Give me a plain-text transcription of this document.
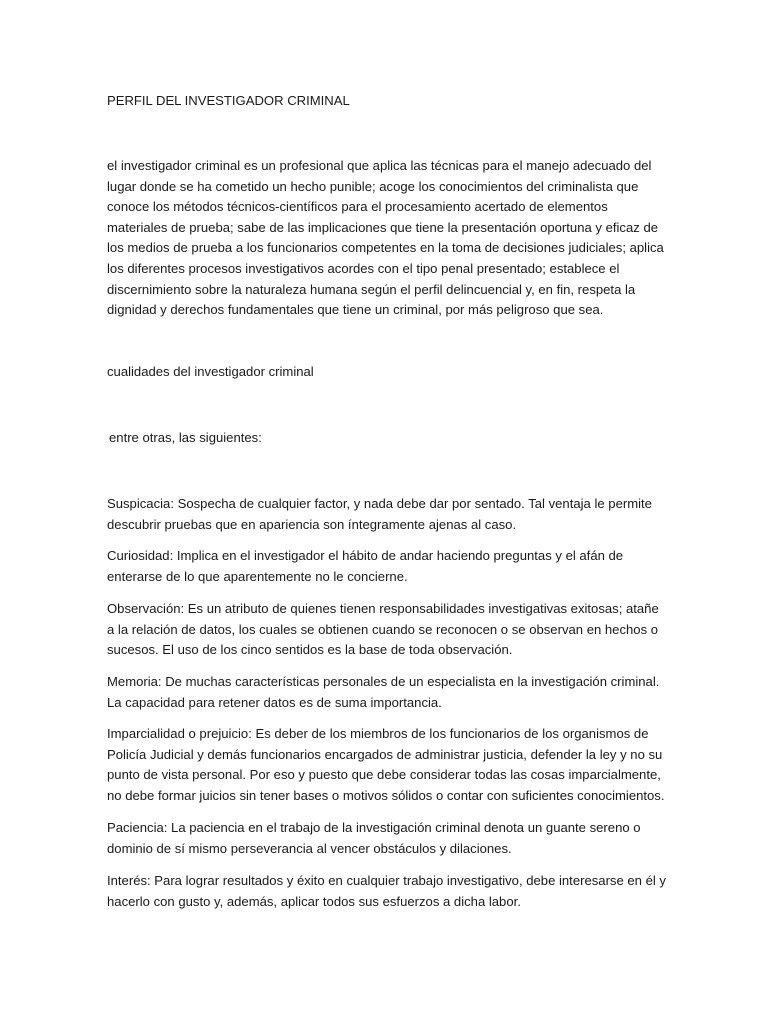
PERFIL DEL INVESTIGADOR CRIMINAL

el investigador criminal es un profesional que aplica las técnicas para el manejo adecuado del lugar donde se ha cometido un hecho punible; acoge los conocimientos del criminalista que conoce los métodos técnicos-científicos para el procesamiento acertado de elementos materiales de prueba; sabe de las implicaciones que tiene la presentación oportuna y eficaz de los medios de prueba a los funcionarios competentes en la toma de decisiones judiciales; aplica los diferentes procesos investigativos acordes con el tipo penal presentado; establece el discernimiento sobre la naturaleza humana según el perfil delincuencial y, en fin, respeta la dignidad y derechos fundamentales que tiene un criminal, por más peligroso que sea.

cualidades del investigador criminal

entre otras, las siguientes:

Suspicacia: Sospecha de cualquier factor, y nada debe dar por sentado. Tal ventaja le permite descubrir pruebas que en apariencia son íntegramente ajenas al caso.

Curiosidad: Implica en el investigador el hábito de andar haciendo preguntas y el afán de enterarse de lo que aparentemente no le concierne.

Observación: Es un atributo de quienes tienen responsabilidades investigativas exitosas; atañe a la relación de datos, los cuales se obtienen cuando se reconocen o se observan en hechos o sucesos. El uso de los cinco sentidos es la base de toda observación.

Memoria: De muchas características personales de un especialista en la investigación criminal. La capacidad para retener datos es de suma importancia.

Imparcialidad o prejuicio: Es deber de los miembros de los funcionarios de los organismos de Policía Judicial y demás funcionarios encargados de administrar justicia, defender la ley y no su punto de vista personal. Por eso y puesto que debe considerar todas las cosas imparcialmente, no debe formar juicios sin tener bases o motivos sólidos o contar con suficientes conocimientos.

Paciencia: La paciencia en el trabajo de la investigación criminal denota un guante sereno o dominio de sí mismo perseverancia al vencer obstáculos y dilaciones.

Interés: Para lograr resultados y éxito en cualquier trabajo investigativo, debe interesarse en él y hacerlo con gusto y, además, aplicar todos sus esfuerzos a dicha labor.
